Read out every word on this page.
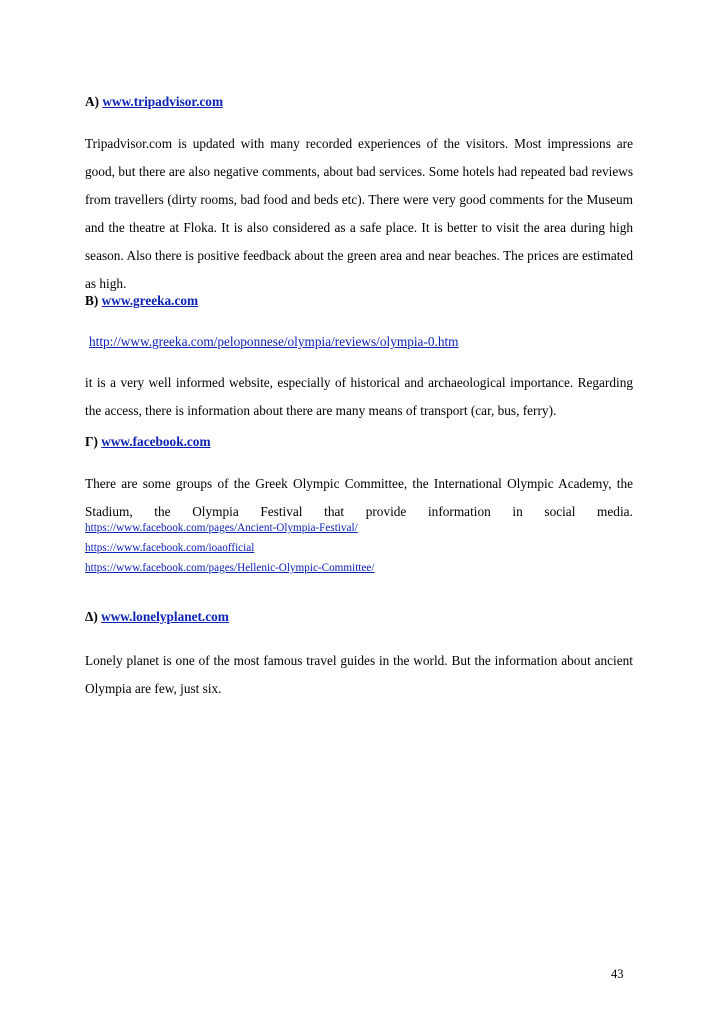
A) www.tripadvisor.com
Tripadvisor.com is updated with many recorded experiences of the visitors. Most impressions are good, but there are also negative comments, about bad services. Some hotels had repeated bad reviews from travellers (dirty rooms, bad food and beds etc). There were very good comments for the Museum and the theatre at Floka. It is also considered as a safe place. It is better to visit the area during high season. Also there is positive feedback about the green area and near beaches. The prices are estimated as high.
B) www.greeka.com
http://www.greeka.com/peloponnese/olympia/reviews/olympia-0.htm
it is a very well informed website, especially of historical and archaeological importance. Regarding the access, there is information about there are many means of transport (car, bus, ferry).
Γ) www.facebook.com
There are some groups of the Greek Olympic Committee, the International Olympic Academy, the
Stadium, the Olympia Festival that provide information in social media.
https://www.facebook.com/pages/Ancient-Olympia-Festival/
https://www.facebook.com/ioaofficial
https://www.facebook.com/pages/Hellenic-Olympic-Committee/
Δ) www.lonelyplanet.com
Lonely planet is one of the most famous travel guides in the world. But the information about ancient Olympia are few, just six.
43
